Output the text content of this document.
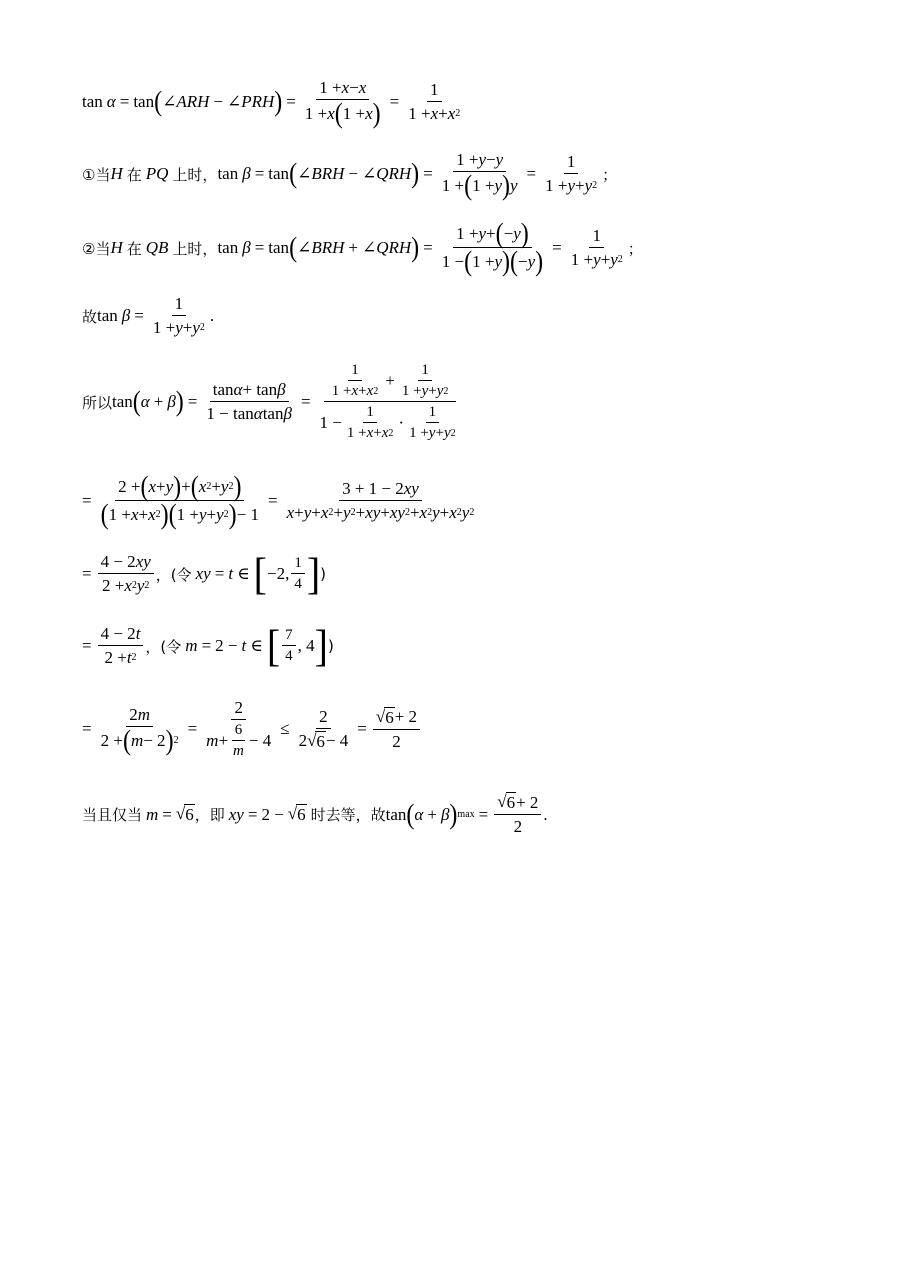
tan α = tan ( ∠ARH − ∠PRH ) = $\frac{1 + x - x}{1 + x ( 1 + x )} = \frac{1}{1 + x + x 2}$
①当 H 在 PQ 上时， tan β = tan ( ∠BRH − ∠QRH ) = $\frac{1 + y - y}{1 + ( 1 + y ) y} = \frac{1}{1 + y + y 2}$ ；
②当 H 在 QB 上时， tan β = tan ( ∠BRH + ∠QRH ) = $\frac{1 + y + ( - y )}{1 - ( 1 + y ) ( - y )} = \frac{1}{1 + y + y 2}$ ；
故 $\tan \beta = \frac{1}{1 + y + y 2}$ .
所以 tan ( α + β ) = $\frac{\text{tan α + tan β}}{\text{1 − tan α tan β}} = \frac{\frac{1}{1 + x + x 2} + \frac{1}{1 + y + y 2}}{1 - \frac{1}{1 + x + x 2} \cdot \frac{1}{1 + y + y 2}}$
= $\frac{2 + ( x + y ) + ( x 2 + y 2 )}{( 1 + x + x 2 ) ( 1 + y + y 2 ) - 1} = \frac{3 + 1 - 2 xy}{x + y + x 2 + y 2 + xy + xy 2 + x 2 y + x 2 y 2}$
= $\frac{4 - 2 xy}{2 + x 2 y 2}$ ，(令 xy = t ∈ [ −2, $\frac{1}{4}$ ] )
= $\frac{4 - 2 t}{2 + t 2}$ ，(令 m = 2 − t ∈ [ $\frac{7}{4}$ , 4 ] )
= $\frac{2 m}{2 + ( m - 2 ) 2} = \frac{2}{m + \frac{6}{m} - 4} \le \frac{2}{2 √ 6 - 4} = \frac{√ 6 + 2}{2}$
当且仅当 m = √ 6 ，即 xy = 2 − √ 6 时去等，故 tan ( α + β ) $\max = \frac{√ 6 + 2}{2}$ .
